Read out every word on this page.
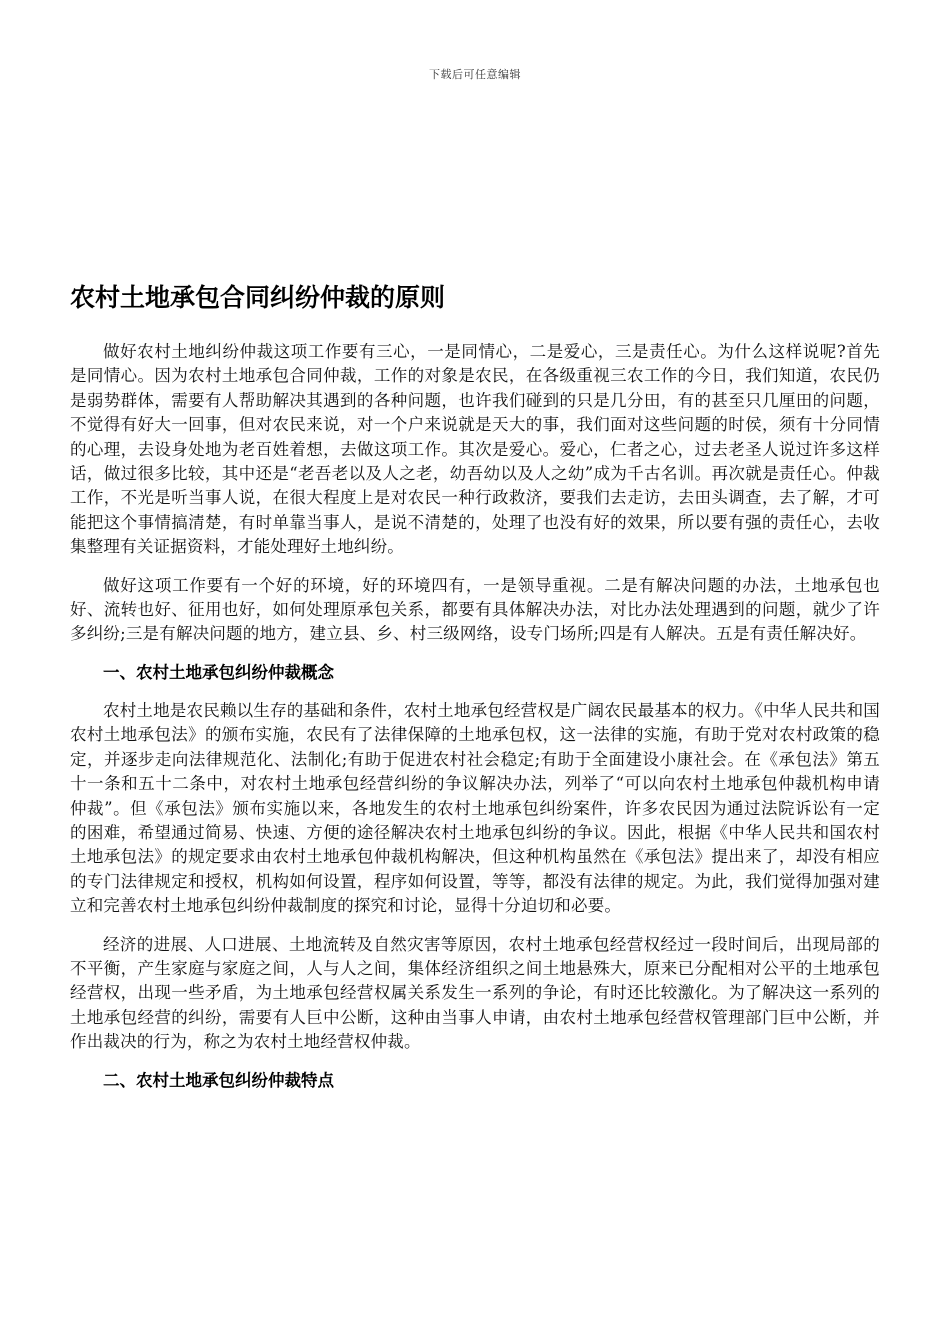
下载后可任意编辑
农村土地承包合同纠纷仲裁的原则

做好农村土地纠纷仲裁这项工作要有三心，一是同情心，二是爱心，三是责任心。为什么这样说呢?首先是同情心。因为农村土地承包合同仲裁，工作的对象是农民，在各级重视三农工作的今日，我们知道，农民仍是弱势群体，需要有人帮助解决其遇到的各种问题，也许我们碰到的只是几分田，有的甚至只几厘田的问题，不觉得有好大一回事，但对农民来说，对一个户来说就是天大的事，我们面对这些问题的时侯，须有十分同情的心理，去设身处地为老百姓着想，去做这项工作。其次是爱心。爱心，仁者之心，过去老圣人说过许多这样话，做过很多比较，其中还是“老吾老以及人之老，幼吾幼以及人之幼”成为千古名训。再次就是责任心。仲裁工作，不光是听当事人说，在很大程度上是对农民一种行政救济，要我们去走访，去田头调查，去了解，才可能把这个事情搞清楚，有时单靠当事人，是说不清楚的，处理了也没有好的效果，所以要有强的责任心，去收集整理有关证据资料，才能处理好土地纠纷。

做好这项工作要有一个好的环境，好的环境四有，一是领导重视。二是有解决问题的办法，土地承包也好、流转也好、征用也好，如何处理原承包关系，都要有具体解决办法，对比办法处理遇到的问题，就少了许多纠纷;三是有解决问题的地方，建立县、乡、村三级网络，设专门场所;四是有人解决。五是有责任解决好。

一、农村土地承包纠纷仲裁概念

农村土地是农民赖以生存的基础和条件，农村土地承包经营权是广阔农民最基本的权力。《中华人民共和国农村土地承包法》的颁布实施，农民有了法律保障的土地承包权，这一法律的实施，有助于党对农村政策的稳定，并逐步走向法律规范化、法制化;有助于促进农村社会稳定;有助于全面建设小康社会。在《承包法》第五十一条和五十二条中，对农村土地承包经营纠纷的争议解决办法，列举了“可以向农村土地承包仲裁机构申请仲裁”。但《承包法》颁布实施以来，各地发生的农村土地承包纠纷案件，许多农民因为通过法院诉讼有一定的困难，希望通过简易、快速、方便的途径解决农村土地承包纠纷的争议。因此，根据《中华人民共和国农村土地承包法》的规定要求由农村土地承包仲裁机构解决，但这种机构虽然在《承包法》提出来了，却没有相应的专门法律规定和授权，机构如何设置，程序如何设置，等等，都没有法律的规定。为此，我们觉得加强对建立和完善农村土地承包纠纷仲裁制度的探究和讨论，显得十分迫切和必要。

经济的进展、人口进展、土地流转及自然灾害等原因，农村土地承包经营权经过一段时间后，出现局部的不平衡，产生家庭与家庭之间，人与人之间，集体经济组织之间土地悬殊大，原来已分配相对公平的土地承包经营权，出现一些矛盾，为土地承包经营权属关系发生一系列的争论，有时还比较激化。为了解决这一系列的土地承包经营的纠纷，需要有人巨中公断，这种由当事人申请，由农村土地承包经营权管理部门巨中公断，并作出裁决的行为，称之为农村土地经营权仲裁。

二、农村土地承包纠纷仲裁特点
